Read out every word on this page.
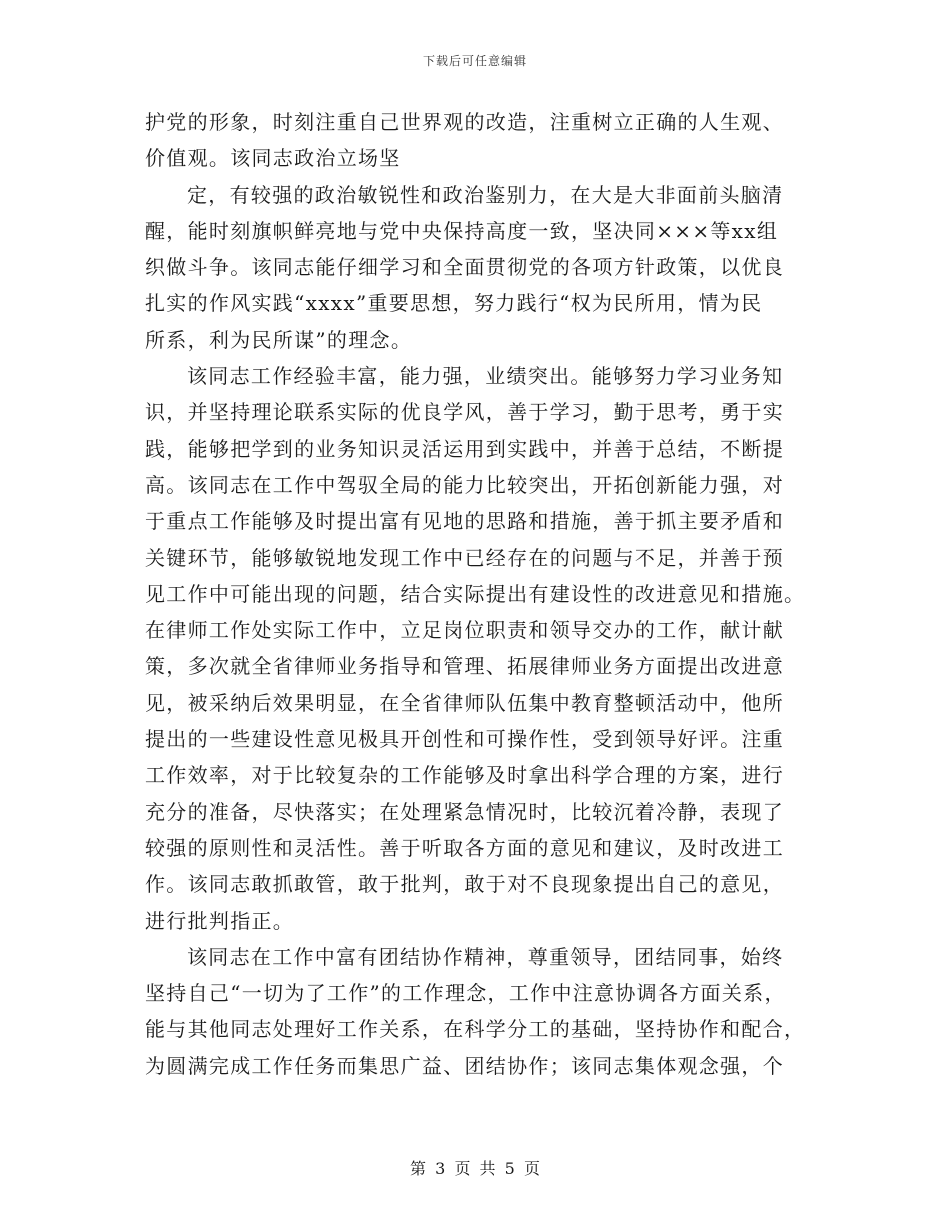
下载后可任意编辑
护党的形象，时刻注重自己世界观的改造，注重树立正确的人生观、
价值观。该同志政治立场坚
定，有较强的政治敏锐性和政治鉴别力，在大是大非面前头脑清
醒，能时刻旗帜鲜亮地与党中央保持高度一致，坚决同×××等xx组
织做斗争。该同志能仔细学习和全面贯彻党的各项方针政策，以优良
扎实的作风实践“xxxx”重要思想，努力践行“权为民所用，情为民
所系，利为民所谋”的理念。
该同志工作经验丰富，能力强，业绩突出。能够努力学习业务知
识，并坚持理论联系实际的优良学风，善于学习，勤于思考，勇于实
践，能够把学到的业务知识灵活运用到实践中，并善于总结，不断提
高。该同志在工作中驾驭全局的能力比较突出，开拓创新能力强，对
于重点工作能够及时提出富有见地的思路和措施，善于抓主要矛盾和
关键环节，能够敏锐地发现工作中已经存在的问题与不足，并善于预
见工作中可能出现的问题，结合实际提出有建设性的改进意见和措施。
在律师工作处实际工作中，立足岗位职责和领导交办的工作，献计献
策，多次就全省律师业务指导和管理、拓展律师业务方面提出改进意
见，被采纳后效果明显，在全省律师队伍集中教育整顿活动中，他所
提出的一些建设性意见极具开创性和可操作性，受到领导好评。注重
工作效率，对于比较复杂的工作能够及时拿出科学合理的方案，进行
充分的准备，尽快落实；在处理紧急情况时，比较沉着冷静，表现了
较强的原则性和灵活性。善于听取各方面的意见和建议，及时改进工
作。该同志敢抓敢管，敢于批判，敢于对不良现象提出自己的意见，
进行批判指正。
该同志在工作中富有团结协作精神，尊重领导，团结同事，始终
坚持自己“一切为了工作”的工作理念，工作中注意协调各方面关系，
能与其他同志处理好工作关系，在科学分工的基础，坚持协作和配合，
为圆满完成工作任务而集思广益、团结协作；该同志集体观念强，个
第 3 页 共 5 页
